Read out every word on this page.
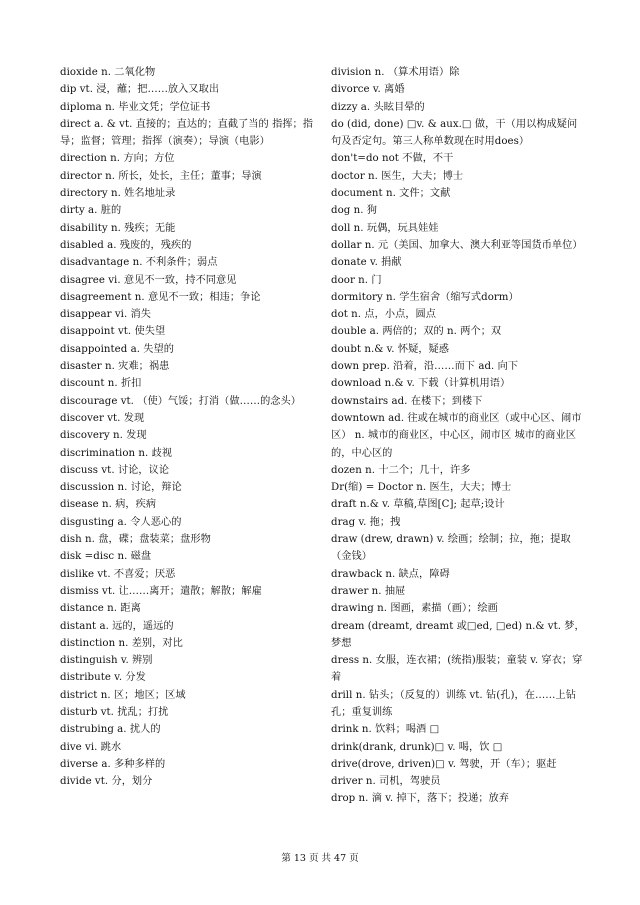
dioxide n. 二氧化物
dip vt. 浸，蘸；把……放入又取出
diploma n. 毕业文凭；学位证书
direct a. & vt. 直接的；直达的；直截了当的 指挥；指导；监督；管理；指挥（演奏）；导演（电影）
direction n. 方向；方位
director n. 所长，处长，主任；董事；导演
directory n. 姓名地址录
dirty a. 脏的
disability n. 残疾；无能
disabled a. 残废的，残疾的
disadvantage n. 不利条件；弱点
disagree vi. 意见不一致，持不同意见
disagreement n. 意见不一致；相违；争论
disappear vi. 消失
disappoint vt. 使失望
disappointed a. 失望的
disaster n. 灾难；祸患
discount n. 折扣
discourage vt. （使）气馁；打消（做……的念头）
discover vt. 发现
discovery n. 发现
discrimination n. 歧视
discuss vt. 讨论，议论
discussion n. 讨论，辩论
disease n. 病，疾病
disgusting a. 令人恶心的
dish n. 盘，碟；盘装菜；盘形物
disk =disc n. 磁盘
dislike vt. 不喜爱；厌恶
dismiss vt. 让……离开；遣散；解散；解雇
distance n. 距离
distant a. 远的，遥远的
distinction n. 差别，对比
distinguish v. 辨别
distribute v. 分发
district n. 区；地区；区域
disturb vt. 扰乱；打扰
distrubing a. 扰人的
dive vi. 跳水
diverse a. 多种多样的
divide vt. 分，划分
division n. （算术用语）除
divorce v. 离婚
dizzy a. 头眩目晕的
do (did, done) □v. & aux.□ 做，干（用以构成疑问句及否定句。第三人称单数现在时用does）
don't=do not 不做，不干
doctor n. 医生，大夫；博士
document n. 文件；文献
dog n. 狗
doll n. 玩偶，玩具娃娃
dollar n. 元（美国、加拿大、澳大利亚等国货币单位）
donate v. 捐献
door n. 门
dormitory n. 学生宿舍（缩写式dorm）
dot n. 点，小点，圆点
double a. 两倍的；双的 n. 两个；双
doubt n.& v. 怀疑，疑惑
down prep. 沿着，沿……而下 ad. 向下
download n.& v. 下载（计算机用语）
downstairs ad. 在楼下；到楼下
downtown ad. 往或在城市的商业区（或中心区、闹市区） n. 城市的商业区，中心区，闹市区 城市的商业区的，中心区的
dozen n. 十二个；几十，许多
Dr(缩) = Doctor n. 医生，大夫；博士
draft n.& v. 草稿,草图[C]; 起草;设计
drag v. 拖；拽
draw (drew, drawn) v. 绘画；绘制；拉，拖；提取（金钱）
drawback n. 缺点，障碍
drawer n. 抽屉
drawing n. 图画，素描（画）；绘画
dream (dreamt, dreamt 或□ed, □ed) n.& vt. 梦，梦想
dress n. 女服，连衣裙；(统指)服装；童装 v. 穿衣；穿着
drill n. 钻头；（反复的）训练 vt. 钻(孔)，在……上钻孔；重复训练
drink n. 饮料；喝酒 □
drink(drank, drunk)□ v. 喝，饮 □
drive(drove, driven)□ v. 驾驶，开（车）；驱赶
driver n. 司机，驾驶员
drop n. 滴 v. 掉下，落下；投递；放弃
第 13 页 共 47 页
